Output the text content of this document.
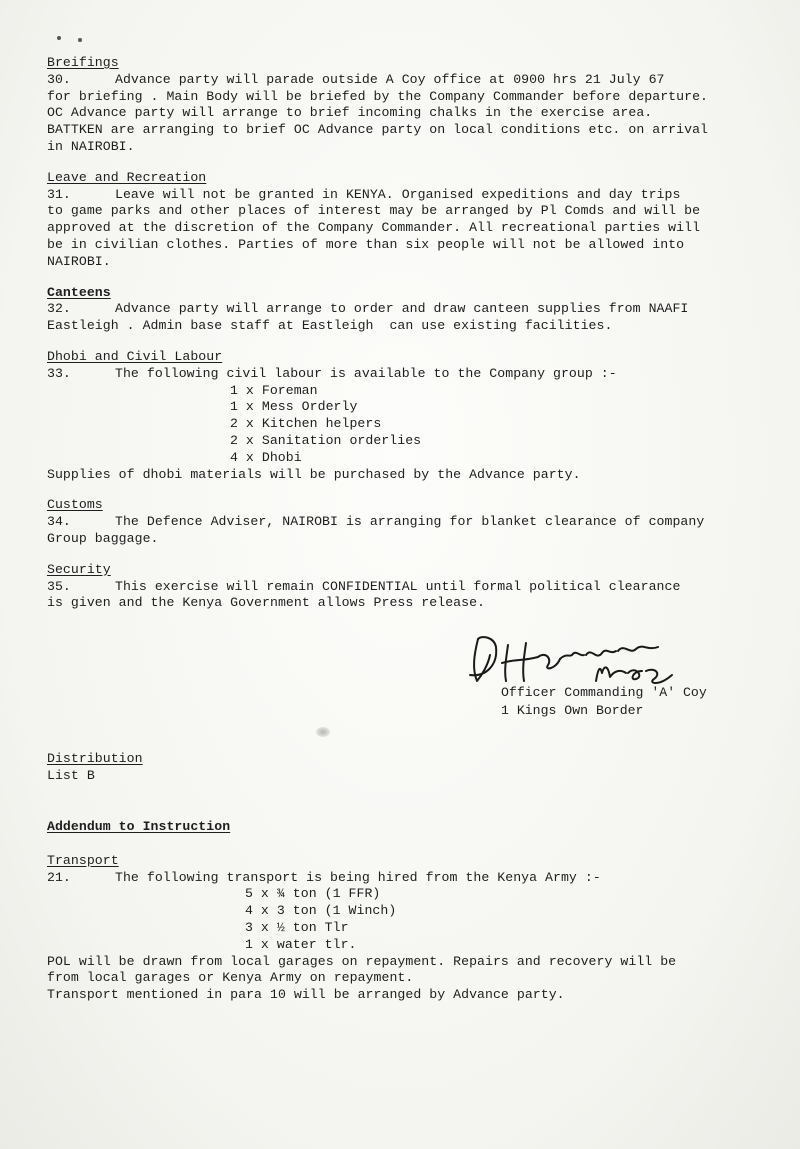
Breifings
30.	Advance party will parade outside A Coy office at 0900 hrs 21 July 67
for briefing . Main Body will be briefed by the Company Commander before departure.
OC Advance party will arrange to brief incoming chalks in the exercise area.
BATTKEN are arranging to brief OC Advance party on local conditions etc. on arrival
in NAIROBI.
Leave and Recreation
31.	Leave will not be granted in KENYA. Organised expeditions and day trips
to game parks and other places of interest may be arranged by Pl Comds and will be
approved at the discretion of the Company Commander. All recreational parties will
be in civilian clothes. Parties of more than six people will not be allowed into
NAIROBI.
Canteens
32.	Advance party will arrange to order and draw canteen supplies from NAAFI
Eastleigh . Admin base staff at Eastleigh  can use existing facilities.
Dhobi and Civil Labour
33.	The following civil labour is available to the Company group :-
1 x Foreman
1 x Mess Orderly
2 x Kitchen helpers
2 x Sanitation orderlies
4 x Dhobi
Supplies of dhobi materials will be purchased by the Advance party.
Customs
34.	The Defence Adviser, NAIROBI is arranging for blanket clearance of company
Group baggage.
Security
35.	This exercise will remain CONFIDENTIAL until formal political clearance
is given and the Kenya Government allows Press release.
Officer Commanding 'A' Coy
1 Kings Own Border
Distribution
List B
Addendum to Instruction
Transport
21.	The following transport is being hired from the Kenya Army :-
5 x ¾ ton (1 FFR)
4 x 3 ton (1 Winch)
3 x ½ ton Tlr
1 x water tlr.
POL will be drawn from local garages on repayment. Repairs and recovery will be
from local garages or Kenya Army on repayment.
Transport mentioned in para 10 will be arranged by Advance party.
